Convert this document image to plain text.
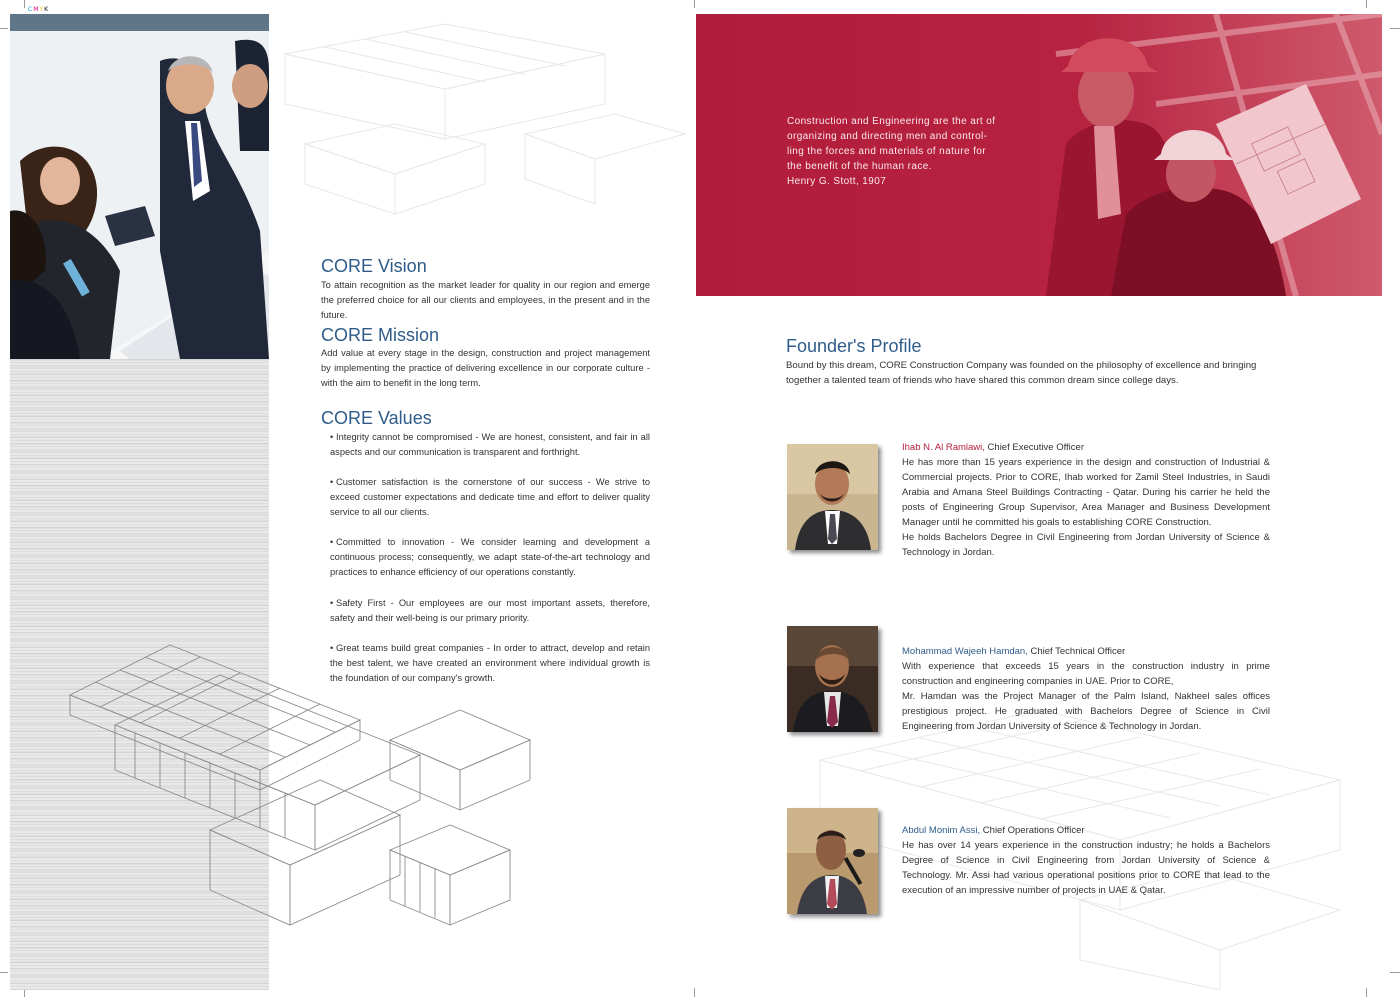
CMYK
CORE Vision
To attain recognition as the market leader for quality in our region and emerge the preferred choice for all our clients and employees, in the present and in the future.
CORE Mission
Add value at every stage in the design, construction and project management by implementing the practice of delivering excellence in our corporate culture - with the aim to benefit in the long term.
CORE Values
• Integrity cannot be compromised - We are honest, consistent, and fair in all aspects and our communication is transparent and forthright.
• Customer satisfaction is the cornerstone of our success - We strive to exceed customer expectations and dedicate time and effort to deliver quality service to all our clients.
• Committed to innovation - We consider learning and development a continuous process; consequently, we adapt state-of-the-art technology and practices to enhance efficiency of our operations constantly.
• Safety First - Our employees are our most important assets, therefore, safety and their well-being is our primary priority.
• Great teams build great companies - In order to attract, develop and retain the best talent, we have created an environment where individual growth is the foundation of our company's growth.
Construction and Engineering are the art of
organizing and directing men and control-
ling the forces and materials of nature for
the benefit of the human race.
Henry G. Stott, 1907
Founder's Profile
Bound by this dream, CORE Construction Company was founded on the philosophy of excellence and bringing together a talented team of friends who have shared this common dream since college days.
Ihab N. Al Ramlawi, Chief Executive Officer
He has more than 15 years experience in the design and construction of Industrial & Commercial projects. Prior to CORE, Ihab worked for Zamil Steel Industries, in Saudi Arabia and Amana Steel Buildings Contracting - Qatar. During his carrier he held the posts of Engineering Group Supervisor, Area Manager and Business Development Manager until he committed his goals to establishing CORE Construction.
He holds Bachelors Degree in Civil Engineering from Jordan University of Science & Technology in Jordan.
Mohammad Wajeeh Hamdan, Chief Technical Officer
With experience that exceeds 15 years in the construction industry in prime construction and engineering companies in UAE. Prior to CORE,
Mr. Hamdan was the Project Manager of the Palm Island, Nakheel sales offices prestigious project. He graduated with Bachelors Degree of Science in Civil Engineering from Jordan University of Science & Technology in Jordan.
Abdul Monim Assi, Chief Operations Officer
He has over 14 years experience in the construction industry; he holds a Bachelors Degree of Science in Civil Engineering from Jordan University of Science & Technology. Mr. Assi had various operational positions prior to CORE that lead to the execution of an impressive number of projects in UAE & Qatar.
